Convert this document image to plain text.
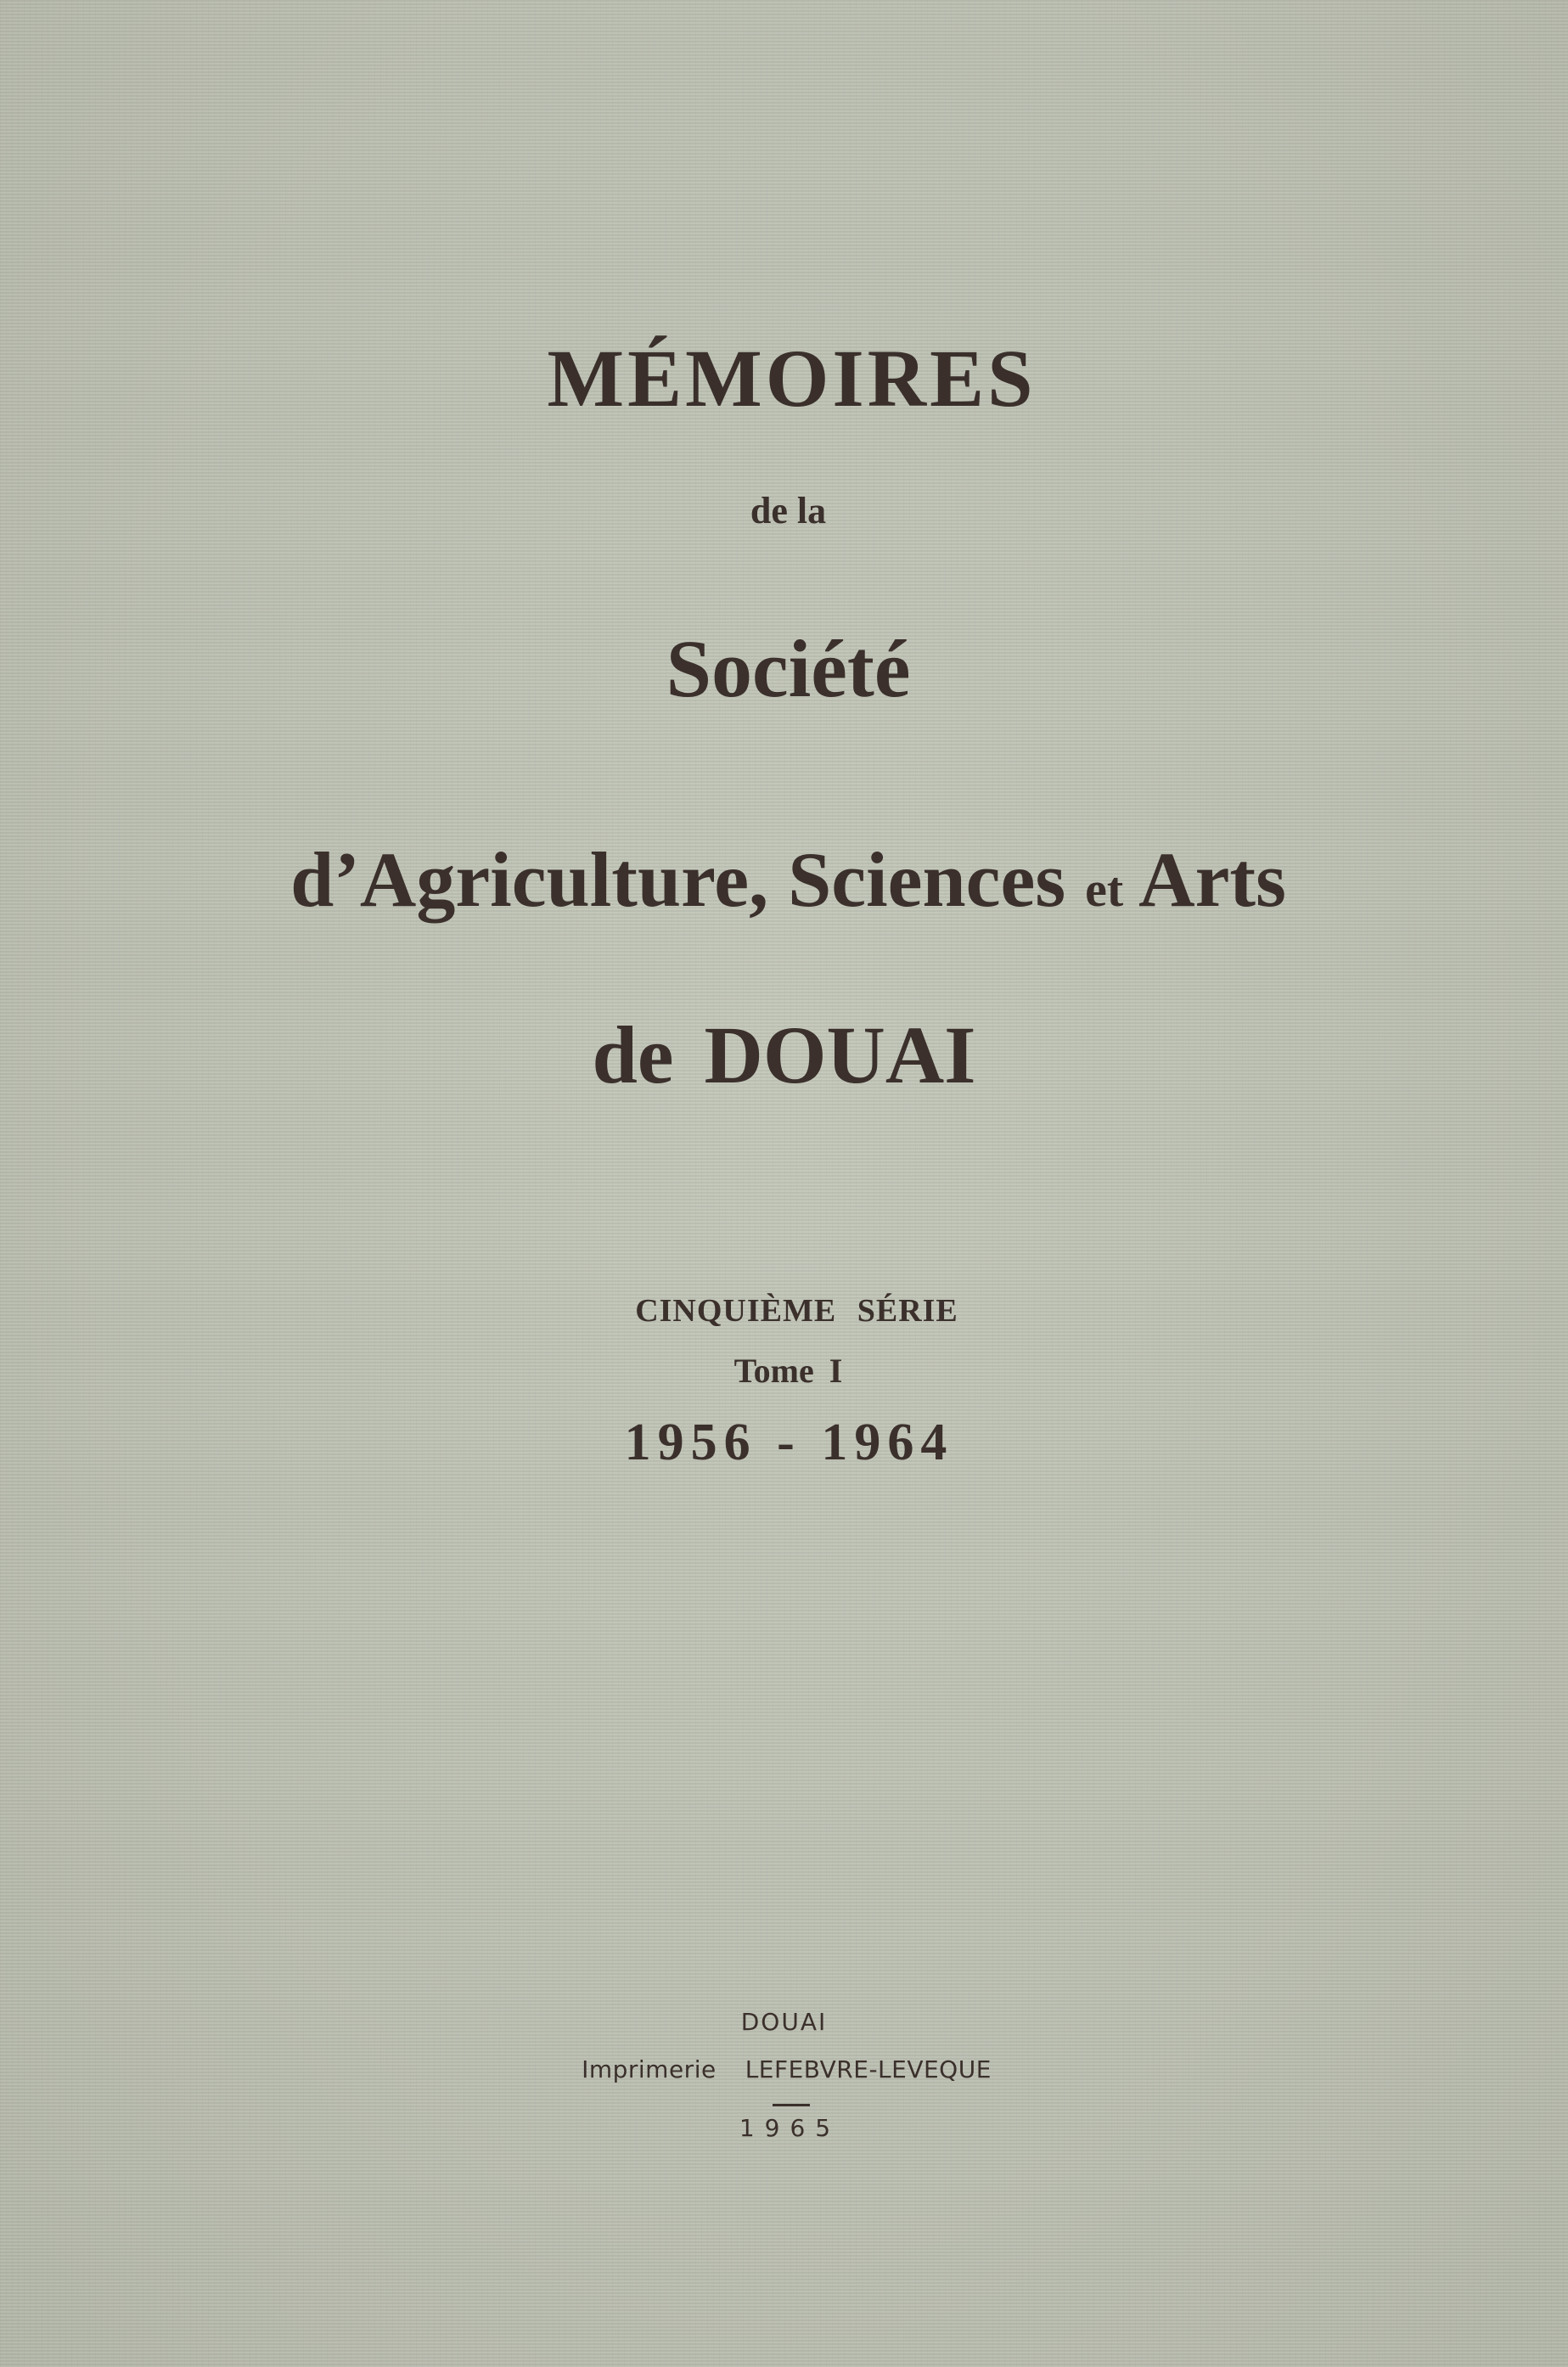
MÉMOIRES
de la
Société
d’Agriculture, Sciences et Arts
de DOUAI
CINQUIÈME SÉRIE
Tome I
1956 - 1964
DOUAI
Imprimerie LEFEBVRE-LEVEQUE
1965
